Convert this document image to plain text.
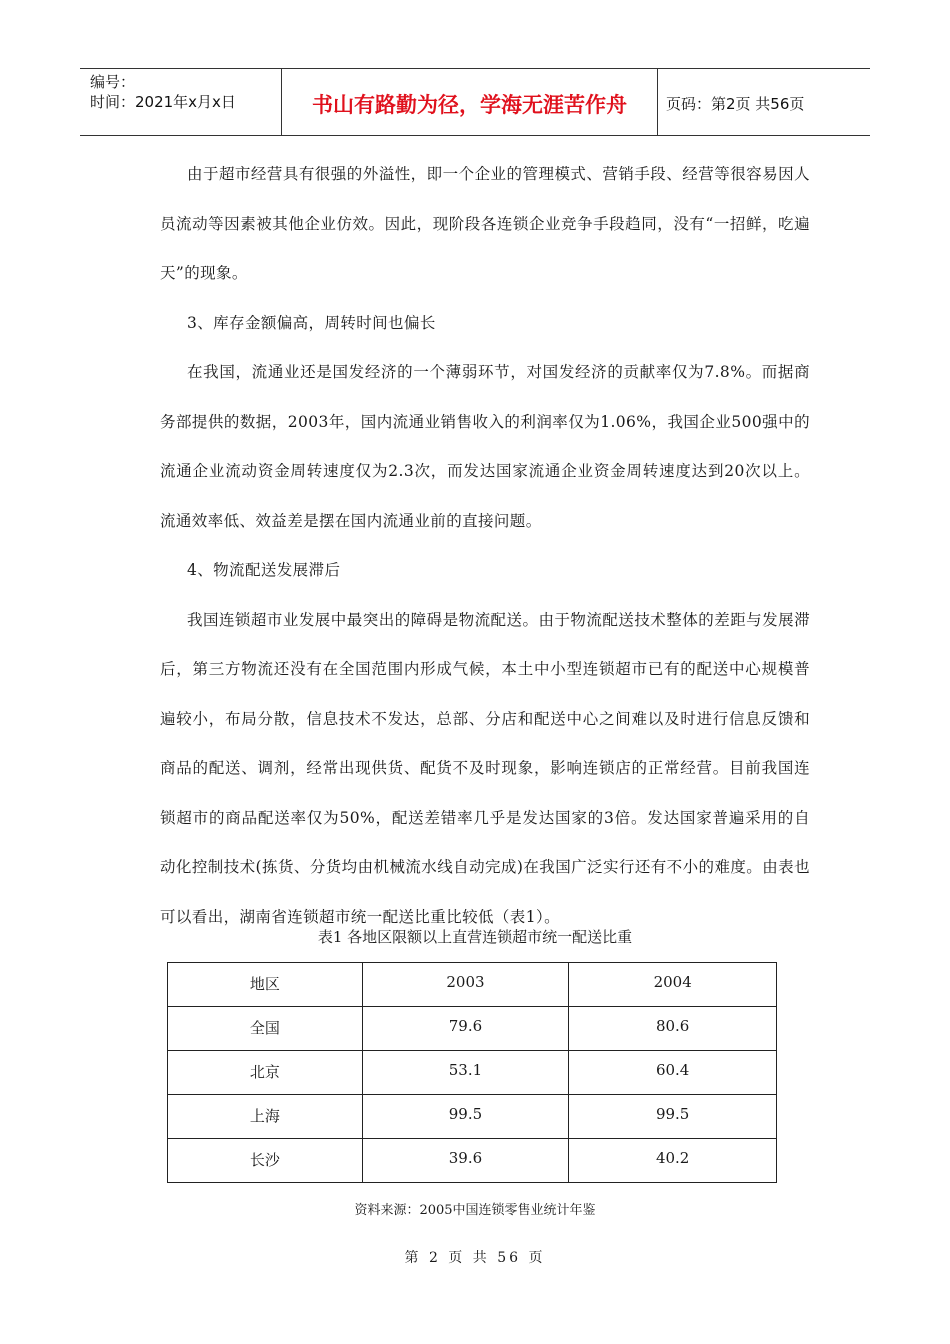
编号：
时间：2021年x月x日	书山有路勤为径，学海无涯苦作舟	页码：第2页 共56页

由于超市经营具有很强的外溢性，即一个企业的管理模式、营销手段、经营等很容易因人员流动等因素被其他企业仿效。因此，现阶段各连锁企业竞争手段趋同，没有“一招鲜，吃遍天”的现象。

3、库存金额偏高，周转时间也偏长

在我国，流通业还是国发经济的一个薄弱环节，对国发经济的贡献率仅为7.8%。而据商务部提供的数据，2003年，国内流通业销售收入的利润率仅为1.06%，我国企业500强中的流通企业流动资金周转速度仅为2.3次，而发达国家流通企业资金周转速度达到20次以上。流通效率低、效益差是摆在国内流通业前的直接问题。

4、物流配送发展滞后

我国连锁超市业发展中最突出的障碍是物流配送。由于物流配送技术整体的差距与发展滞后，第三方物流还没有在全国范围内形成气候，本土中小型连锁超市已有的配送中心规模普遍较小，布局分散，信息技术不发达，总部、分店和配送中心之间难以及时进行信息反馈和商品的配送、调剂，经常出现供货、配货不及时现象，影响连锁店的正常经营。目前我国连锁超市的商品配送率仅为50%，配送差错率几乎是发达国家的3倍。发达国家普遍采用的自动化控制技术(拣货、分货均由机械流水线自动完成)在我国广泛实行还有不小的难度。由表也可以看出，湖南省连锁超市统一配送比重比较低（表1）。

表1 各地区限额以上直营连锁超市统一配送比重
地区	2003	2004
全国	79.6	80.6
北京	53.1	60.4
上海	99.5	99.5
长沙	39.6	40.2
资料来源：2005中国连锁零售业统计年鉴
第 2 页 共 56 页
